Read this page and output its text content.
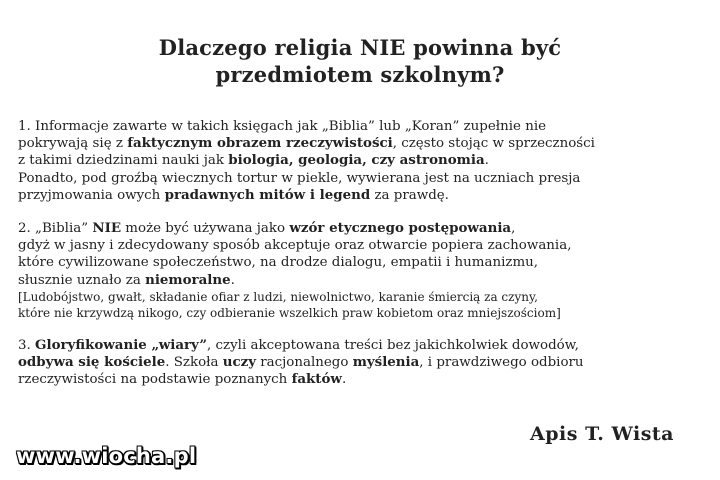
Dlaczego religia NIE powinna być
przedmiotem szkolnym?
1. Informacje zawarte w takich księgach jak „Biblia” lub „Koran” zupełnie nie
pokrywają się z faktycznym obrazem rzeczywistości, często stojąc w sprzeczności
z takimi dziedzinami nauki jak biologia, geologia, czy astronomia.
Ponadto, pod groźbą wiecznych tortur w piekle, wywierana jest na uczniach presja
przyjmowania owych pradawnych mitów i legend za prawdę.
2. „Biblia” NIE może być używana jako wzór etycznego postępowania,
gdyż w jasny i zdecydowany sposób akceptuje oraz otwarcie popiera zachowania,
które cywilizowane społeczeństwo, na drodze dialogu, empatii i humanizmu,
słusznie uznało za niemoralne.
[Ludobójstwo, gwałt, składanie ofiar z ludzi, niewolnictwo, karanie śmiercią za czyny,
które nie krzywdzą nikogo, czy odbieranie wszelkich praw kobietom oraz mniejszościom]
3. Gloryfikowanie „wiary”, czyli akceptowana treści bez jakichkolwiek dowodów,
odbywa się kościele. Szkoła uczy racjonalnego myślenia, i prawdziwego odbioru
rzeczywistości na podstawie poznanych faktów.
Apis T. Wista
www.wiocha.pl
